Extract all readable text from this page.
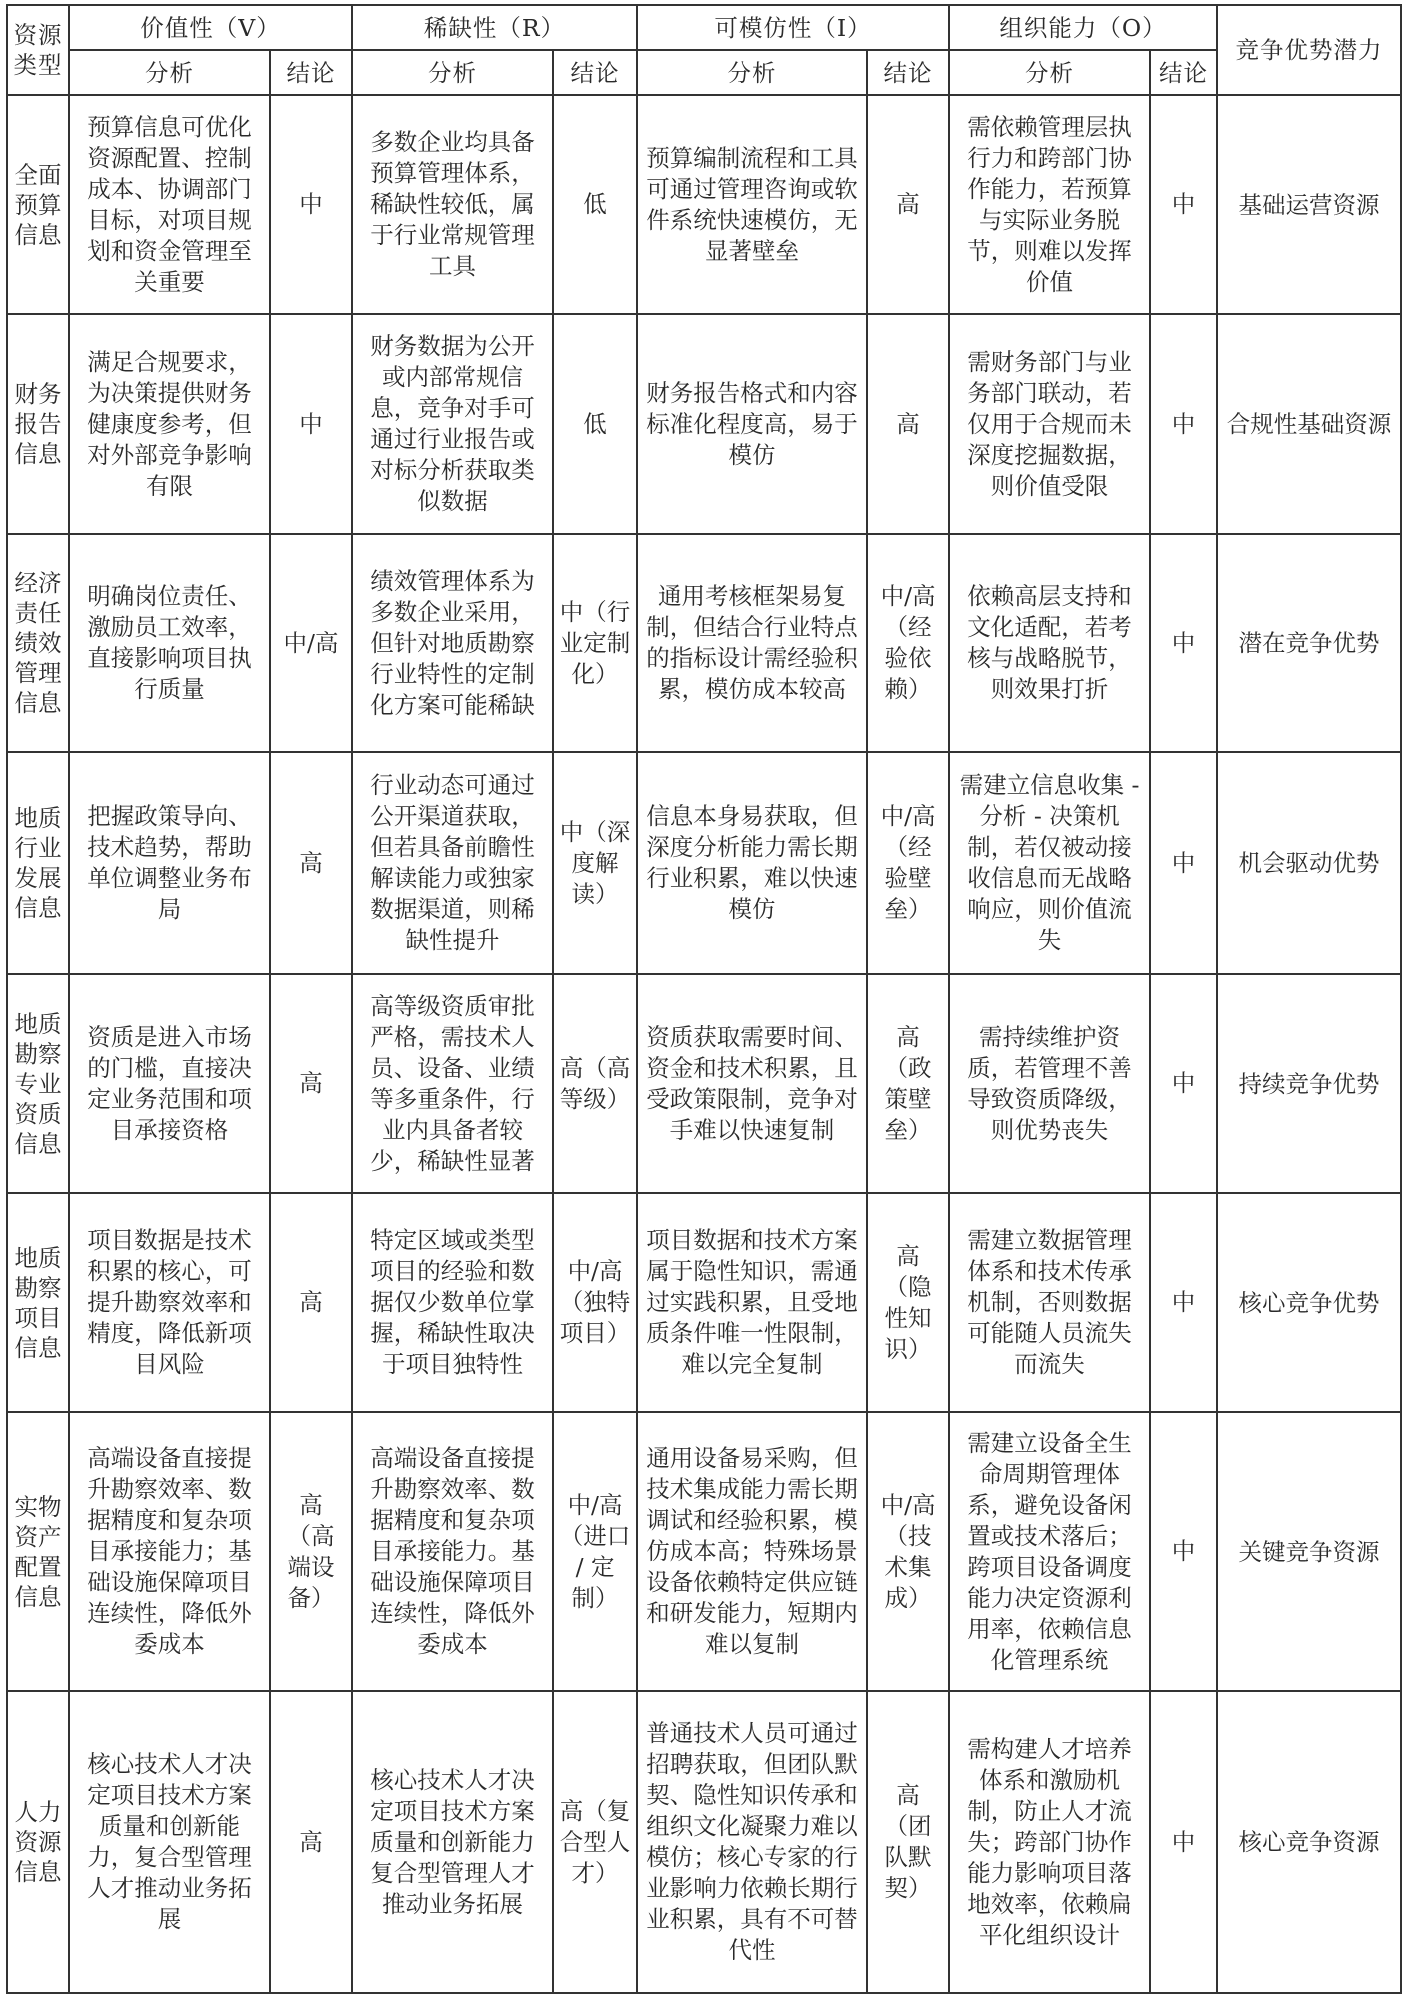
资源类型	价值性（V）		稀缺性（R）		可模仿性（I）		组织能力（O）		竞争优势潜力
	分析	结论	分析	结论	分析	结论	分析	结论	
全面预算信息	预算信息可优化资源配置、控制成本、协调部门目标，对项目规划和资金管理至关重要	中	多数企业均具备预算管理体系，稀缺性较低，属于行业常规管理工具	低	预算编制流程和工具可通过管理咨询或软件系统快速模仿，无显著壁垒	高	需依赖管理层执行力和跨部门协作能力，若预算与实际业务脱节，则难以发挥价值	中	基础运营资源
财务报告信息	满足合规要求，为决策提供财务健康度参考，但对外部竞争影响有限	中	财务数据为公开或内部常规信息，竞争对手可通过行业报告或对标分析获取类似数据	低	财务报告格式和内容标准化程度高，易于模仿	高	需财务部门与业务部门联动，若仅用于合规而未深度挖掘数据，则价值受限	中	合规性基础资源
经济责任绩效管理信息	明确岗位责任、激励员工效率，直接影响项目执行质量	中/高	绩效管理体系为多数企业采用，但针对地质勘察行业特性的定制化方案可能稀缺	中（行业定制化）	通用考核框架易复制，但结合行业特点的指标设计需经验积累，模仿成本较高	中/高（经验依赖）	依赖高层支持和文化适配，若考核与战略脱节，则效果打折	中	潜在竞争优势
地质行业发展信息	把握政策导向、技术趋势，帮助单位调整业务布局	高	行业动态可通过公开渠道获取，但若具备前瞻性解读能力或独家数据渠道，则稀缺性提升	中（深度解读）	信息本身易获取，但深度分析能力需长期行业积累，难以快速模仿	中/高（经验壁垒）	需建立信息收集 - 分析 - 决策机制，若仅被动接收信息而无战略响应，则价值流失	中	机会驱动优势
地质勘察专业资质信息	资质是进入市场的门槛，直接决定业务范围和项目承接资格	高	高等级资质审批严格，需技术人员、设备、业绩等多重条件，行业内具备者较少，稀缺性显著	高（高等级）	资质获取需要时间、资金和技术积累，且受政策限制，竞争对手难以快速复制	高（政策壁垒）	需持续维护资质，若管理不善导致资质降级，则优势丧失	中	持续竞争优势
地质勘察项目信息	项目数据是技术积累的核心，可提升勘察效率和精度，降低新项目风险	高	特定区域或类型项目的经验和数据仅少数单位掌握，稀缺性取决于项目独特性	中/高（独特项目）	项目数据和技术方案属于隐性知识，需通过实践积累，且受地质条件唯一性限制，难以完全复制	高（隐性知识）	需建立数据管理体系和技术传承机制，否则数据可能随人员流失而流失	中	核心竞争优势
实物资产配置信息	高端设备直接提升勘察效率、数据精度和复杂项目承接能力；基础设施保障项目连续性，降低外委成本	高（高端设备）	高端设备直接提升勘察效率、数据精度和复杂项目承接能力。基础设施保障项目连续性，降低外委成本	中/高（进口 / 定制）	通用设备易采购，但技术集成能力需长期调试和经验积累，模仿成本高；特殊场景设备依赖特定供应链和研发能力，短期内难以复制	中/高（技术集成）	需建立设备全生命周期管理体系，避免设备闲置或技术落后；跨项目设备调度能力决定资源利用率，依赖信息化管理系统	中	关键竞争资源
人力资源信息	核心技术人才决定项目技术方案质量和创新能力，复合型管理人才推动业务拓展	高	核心技术人才决定项目技术方案质量和创新能力复合型管理人才推动业务拓展	高（复合型人才）	普通技术人员可通过招聘获取，但团队默契、隐性知识传承和组织文化凝聚力难以模仿；核心专家的行业影响力依赖长期行业积累，具有不可替代性	高（团队默契）	需构建人才培养体系和激励机制，防止人才流失；跨部门协作能力影响项目落地效率，依赖扁平化组织设计	中	核心竞争资源
